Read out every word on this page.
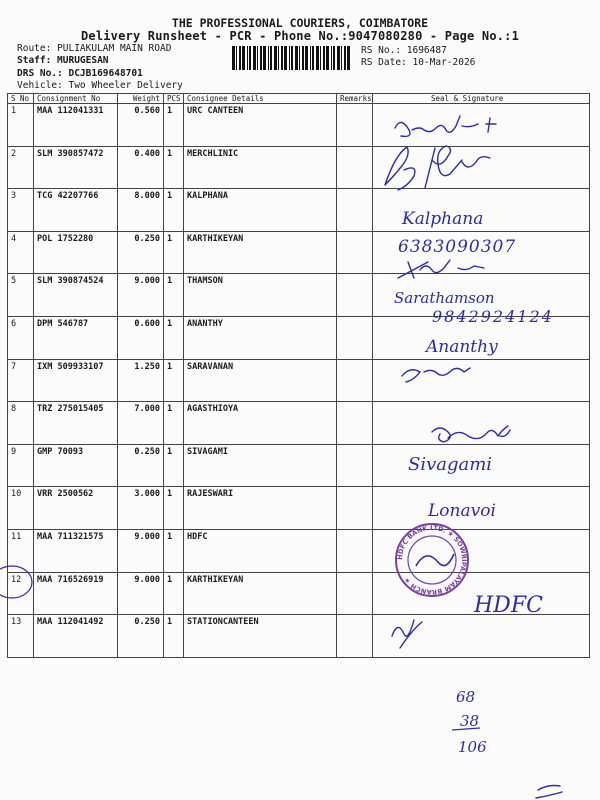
THE PROFESSIONAL COURIERS, COIMBATORE
Delivery Runsheet - PCR - Phone No.:9047080280 - Page No.:1
Route: PULIAKULAM MAIN ROAD
Staff: MURUGESAN
DRS No.: DCJB169648701
Vehicle: Two Wheeler Delivery
RS No.: 1696487
RS Date: 10-Mar-2026
S No	Consignment No	Weight	PCS	Consignee Details	Remarks	Seal & Signature
1	MAA 112041331	0.560	1	URC CANTEEN		
2	SLM 390857472	0.400	1	MERCHLINIC		
3	TCG 42207766	8.000	1	KALPHANA		
4	POL 1752280	0.250	1	KARTHIKEYAN		
5	SLM 390874524	9.000	1	THAMSON		
6	DPM 546787	0.600	1	ANANTHY		
7	IXM 509933107	1.250	1	SARAVANAN		
8	TRZ 275015405	7.000	1	AGASTHIOYA		
9	GMP 70093	0.250	1	SIVAGAMI		
10	VRR 2500562	3.000	1	RAJESWARI		
11	MAA 711321575	9.000	1	HDFC		
12	MAA 716526919	9.000	1	KARTHIKEYAN		
13	MAA 112041492	0.250	1	STATIONCANTEEN		
Kalphana
6383090307
Sarathamson
9842924124
Ananthy
Sivagami
Lonavoi
HDFC
68
38
106
HDFC BANK LTD. ★ SOWRIPALAYAM BRANCH ★
